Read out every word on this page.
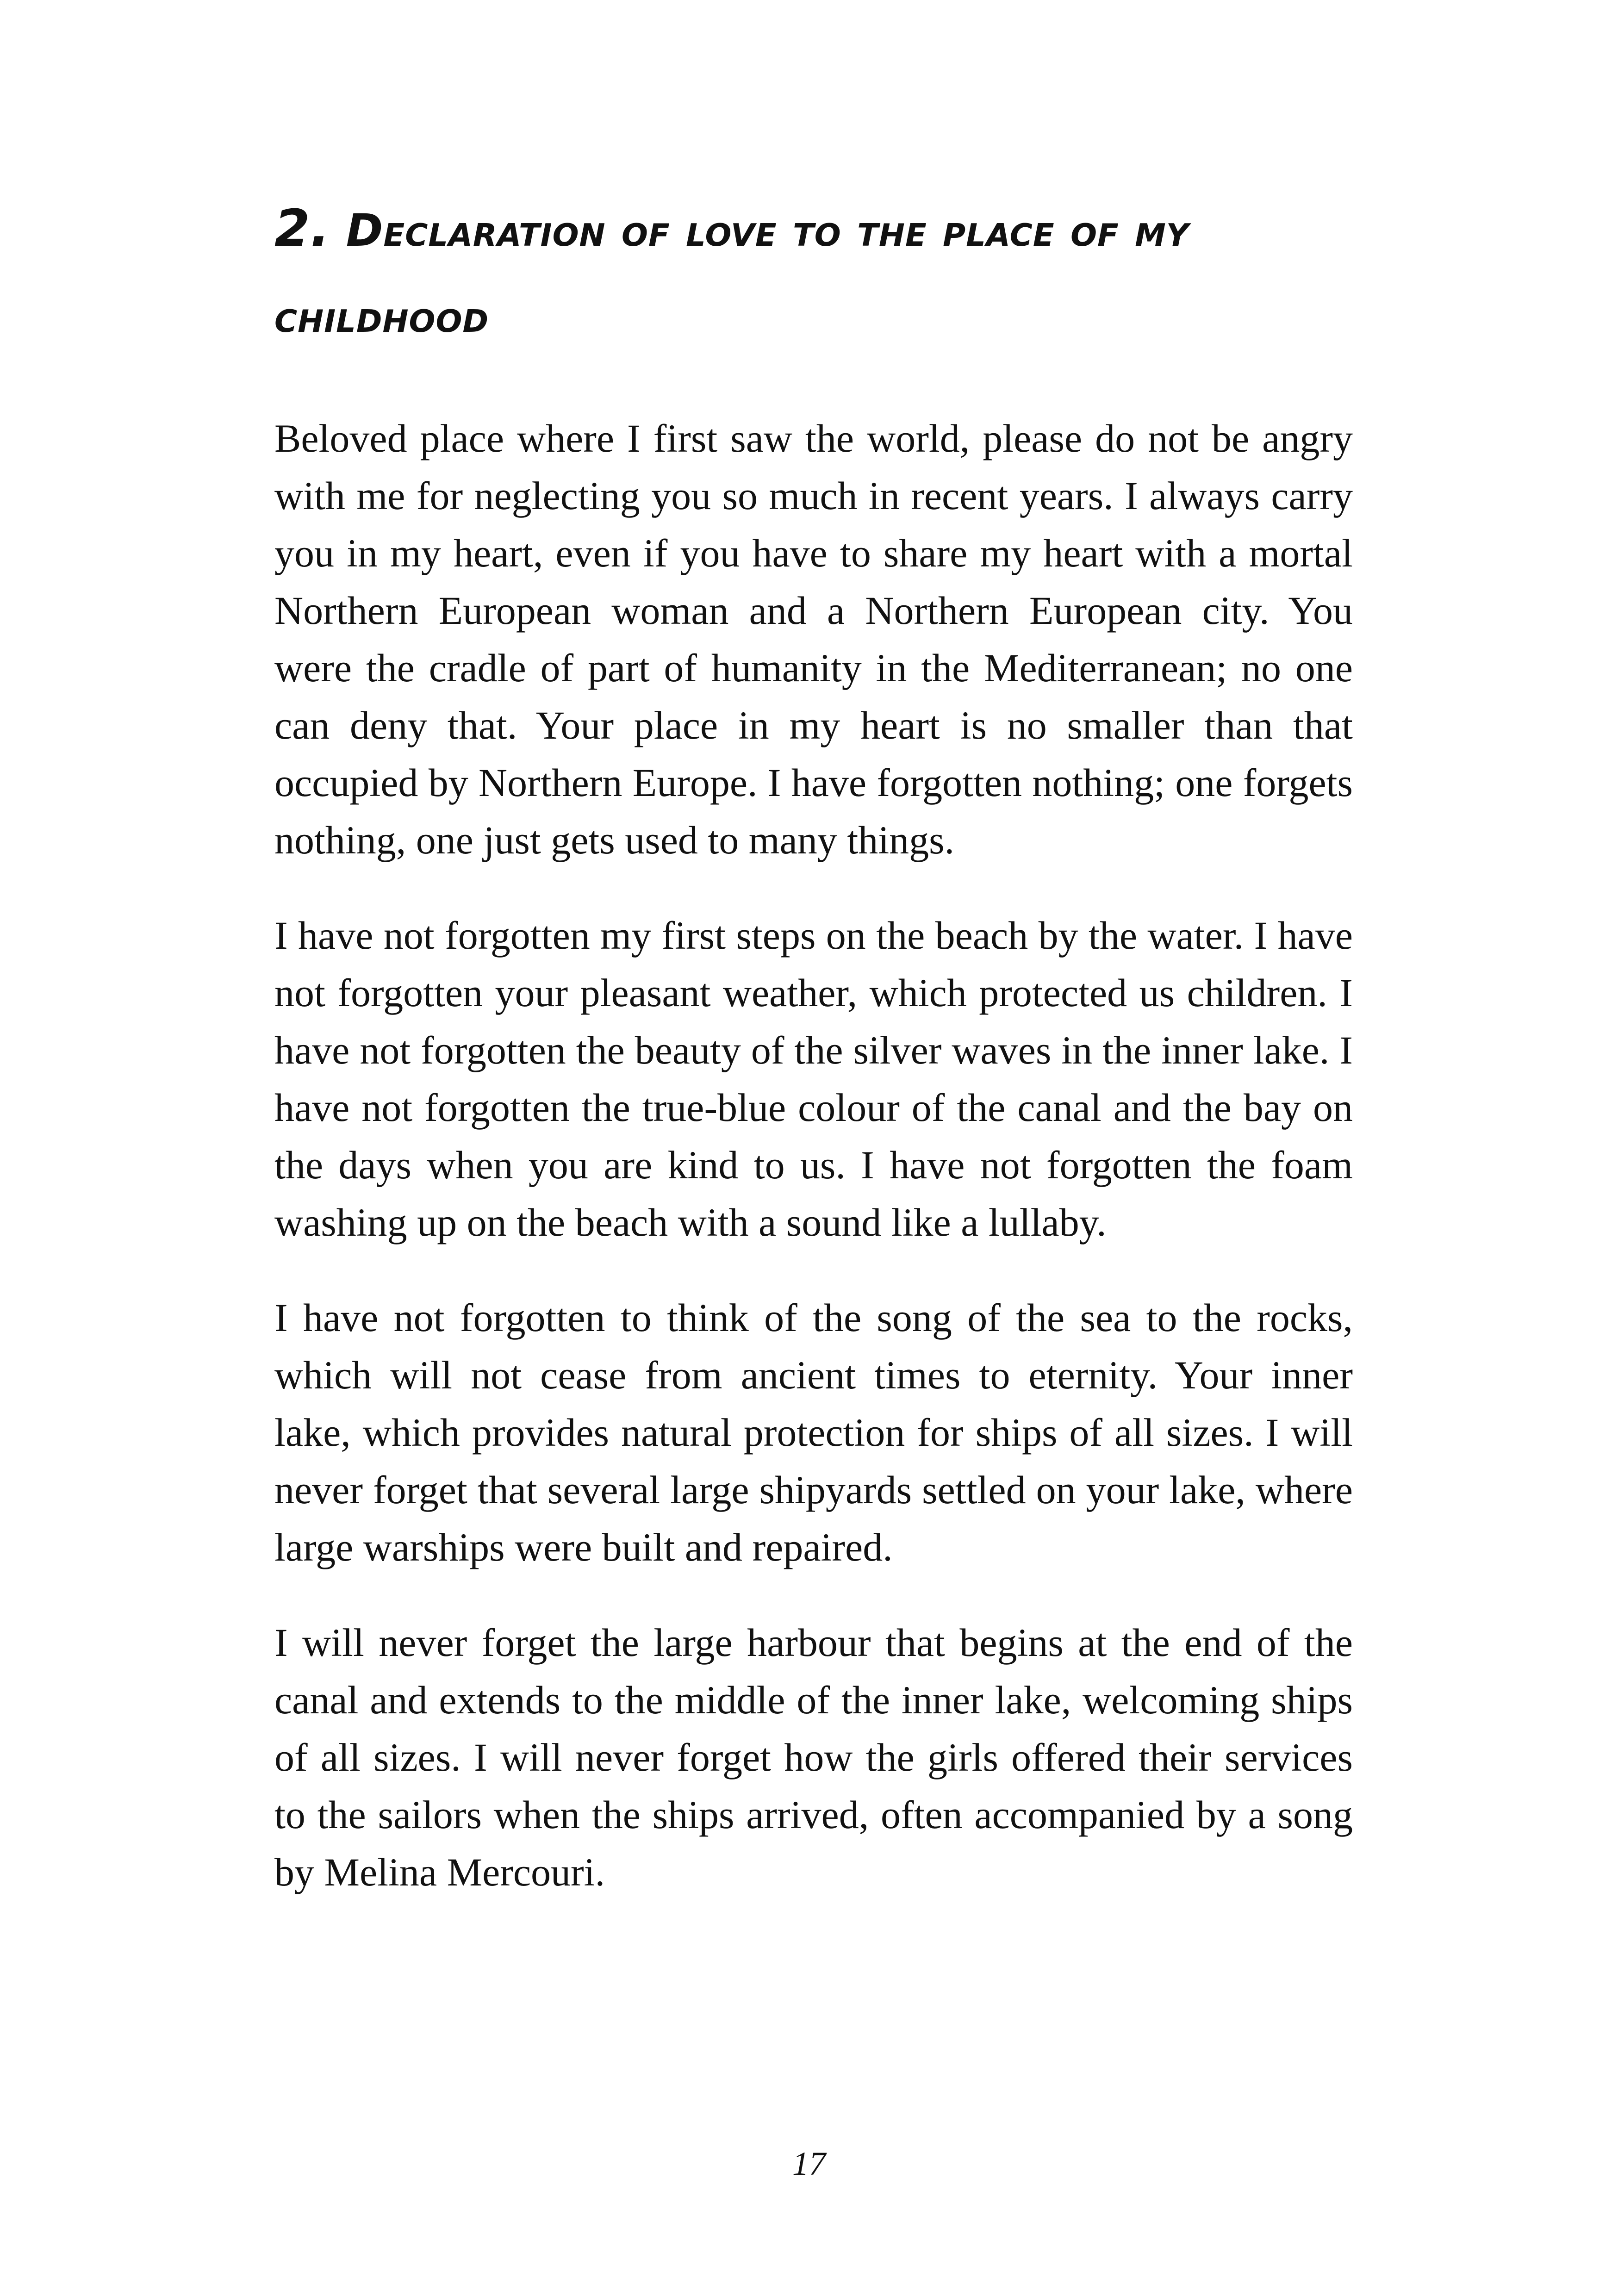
2. Declaration of love to the place of my childhood

Beloved place where I first saw the world, please do not be angry with me for neglecting you so much in recent years. I always carry you in my heart, even if you have to share my heart with a mortal Northern European woman and a Northern European city. You were the cradle of part of humanity in the Mediterranean; no one can deny that. Your place in my heart is no smaller than that occupied by Northern Europe. I have forgotten nothing; one forgets nothing, one just gets used to many things.

I have not forgotten my first steps on the beach by the water. I have not forgotten your pleasant weather, which protected us children. I have not forgotten the beauty of the silver waves in the inner lake. I have not forgotten the true-blue colour of the canal and the bay on the days when you are kind to us. I have not forgotten the foam washing up on the beach with a sound like a lullaby.

I have not forgotten to think of the song of the sea to the rocks, which will not cease from ancient times to eternity. Your inner lake, which provides natural protection for ships of all sizes. I will never forget that several large shipyards settled on your lake, where large warships were built and repaired.

I will never forget the large harbour that begins at the end of the canal and extends to the middle of the inner lake, welcoming ships of all sizes. I will never forget how the girls offered their services to the sailors when the ships arrived, often accompanied by a song by Melina Mercouri.

17
